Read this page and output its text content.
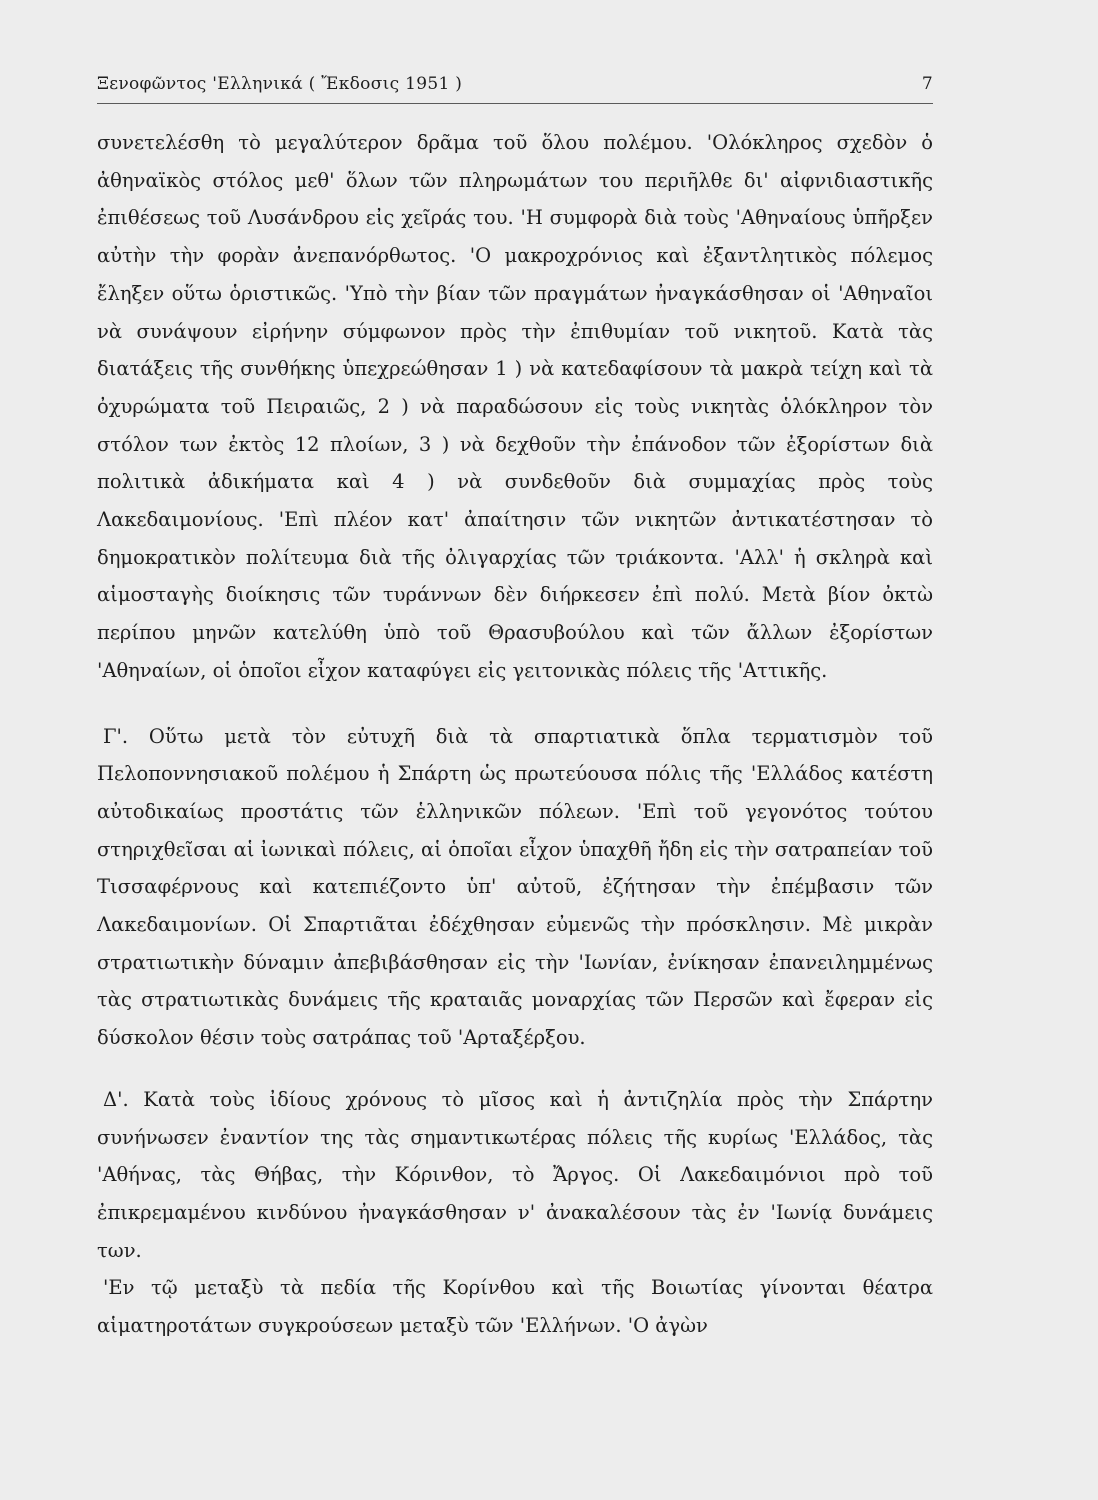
Ξενοφῶντος 'Ελληνικά ( Ἔκδοσις 1951 )	7

συνετελέσθη τὸ μεγαλύτερον δρᾶμα τοῦ ὅλου πολέμου. 'Ολόκληρος σχεδὸν ὁ ἀθηναϊκὸς στόλος μεθ' ὅλων τῶν πληρωμάτων του περιῆλθε δι' αἰφνιδιαστικῆς ἐπιθέσεως τοῦ Λυσάνδρου εἰς χεῖράς του. 'Η συμφορὰ διὰ τοὺς 'Αθηναίους ὑπῆρξεν αὐτὴν τὴν φορὰν ἀνεπανόρθωτος. 'Ο μακροχρόνιος καὶ ἐξαντλητικὸς πόλεμος ἔληξεν οὕτω ὁριστικῶς. 'Υπὸ τὴν βίαν τῶν πραγμάτων ἠναγκάσθησαν οἱ 'Αθηναῖοι νὰ συνάψουν εἰρήνην σύμφωνον πρὸς τὴν ἐπιθυμίαν τοῦ νικητοῦ. Κατὰ τὰς διατάξεις τῆς συνθήκης ὑπεχρεώθησαν 1 ) νὰ κατεδαφίσουν τὰ μακρὰ τείχη καὶ τὰ ὀχυρώματα τοῦ Πειραιῶς, 2 ) νὰ παραδώσουν εἰς τοὺς νικητὰς ὁλόκληρον τὸν στόλον των ἐκτὸς 12 πλοίων, 3 ) νὰ δεχθοῦν τὴν ἐπάνοδον τῶν ἐξορίστων διὰ πολιτικὰ ἀδικήματα καὶ 4 ) νὰ συνδεθοῦν διὰ συμμαχίας πρὸς τοὺς Λακεδαιμονίους. 'Επὶ πλέον κατ' ἀπαίτησιν τῶν νικητῶν ἀντικατέστησαν τὸ δημοκρατικὸν πολίτευμα διὰ τῆς ὀλιγαρχίας τῶν τριάκοντα. 'Αλλ' ἡ σκληρὰ καὶ αἱμοσταγὴς διοίκησις τῶν τυράννων δὲν διήρκεσεν ἐπὶ πολύ. Μετὰ βίον ὀκτὼ περίπου μηνῶν κατελύθη ὑπὸ τοῦ Θρασυβούλου καὶ τῶν ἄλλων ἐξορίστων 'Αθηναίων, οἱ ὁποῖοι εἶχον καταφύγει εἰς γειτονικὰς πόλεις τῆς 'Αττικῆς.

Γ'. Οὕτω μετὰ τὸν εὐτυχῆ διὰ τὰ σπαρτιατικὰ ὅπλα τερματισμὸν τοῦ Πελοποννησιακοῦ πολέμου ἡ Σπάρτη ὡς πρωτεύουσα πόλις τῆς 'Ελλάδος κατέστη αὐτοδικαίως προστάτις τῶν ἑλληνικῶν πόλεων. 'Επὶ τοῦ γεγονότος τούτου στηριχθεῖσαι αἱ ἰωνικαὶ πόλεις, αἱ ὁποῖαι εἶχον ὑπαχθῆ ἤδη εἰς τὴν σατραπείαν τοῦ Τισσαφέρνους καὶ κατεπιέζοντο ὑπ' αὐτοῦ, ἐζήτησαν τὴν ἐπέμβασιν τῶν Λακεδαιμονίων. Οἱ Σπαρτιᾶται ἐδέχθησαν εὐμενῶς τὴν πρόσκλησιν. Μὲ μικρὰν στρατιωτικὴν δύναμιν ἀπεβιβάσθησαν εἰς τὴν 'Ιωνίαν, ἐνίκησαν ἐπανειλημμένως τὰς στρατιωτικὰς δυνάμεις τῆς κραταιᾶς μοναρχίας τῶν Περσῶν καὶ ἔφεραν εἰς δύσκολον θέσιν τοὺς σατράπας τοῦ 'Αρταξέρξου.

Δ'. Κατὰ τοὺς ἰδίους χρόνους τὸ μῖσος καὶ ἡ ἀντιζηλία πρὸς τὴν Σπάρτην συνήνωσεν ἐναντίον της τὰς σημαντικωτέρας πόλεις τῆς κυρίως 'Ελλάδος, τὰς 'Αθήνας, τὰς Θήβας, τὴν Κόρινθον, τὸ Ἄργος. Οἱ Λακεδαιμόνιοι πρὸ τοῦ ἐπικρεμαμένου κινδύνου ἠναγκάσθησαν ν' ἀνακαλέσουν τὰς ἐν 'Ιωνίᾳ δυνάμεις των.

'Εν τῷ μεταξὺ τὰ πεδία τῆς Κορίνθου καὶ τῆς Βοιωτίας γίνονται θέατρα αἱματηροτάτων συγκρούσεων μεταξὺ τῶν 'Ελλήνων. 'Ο ἀγὼν
